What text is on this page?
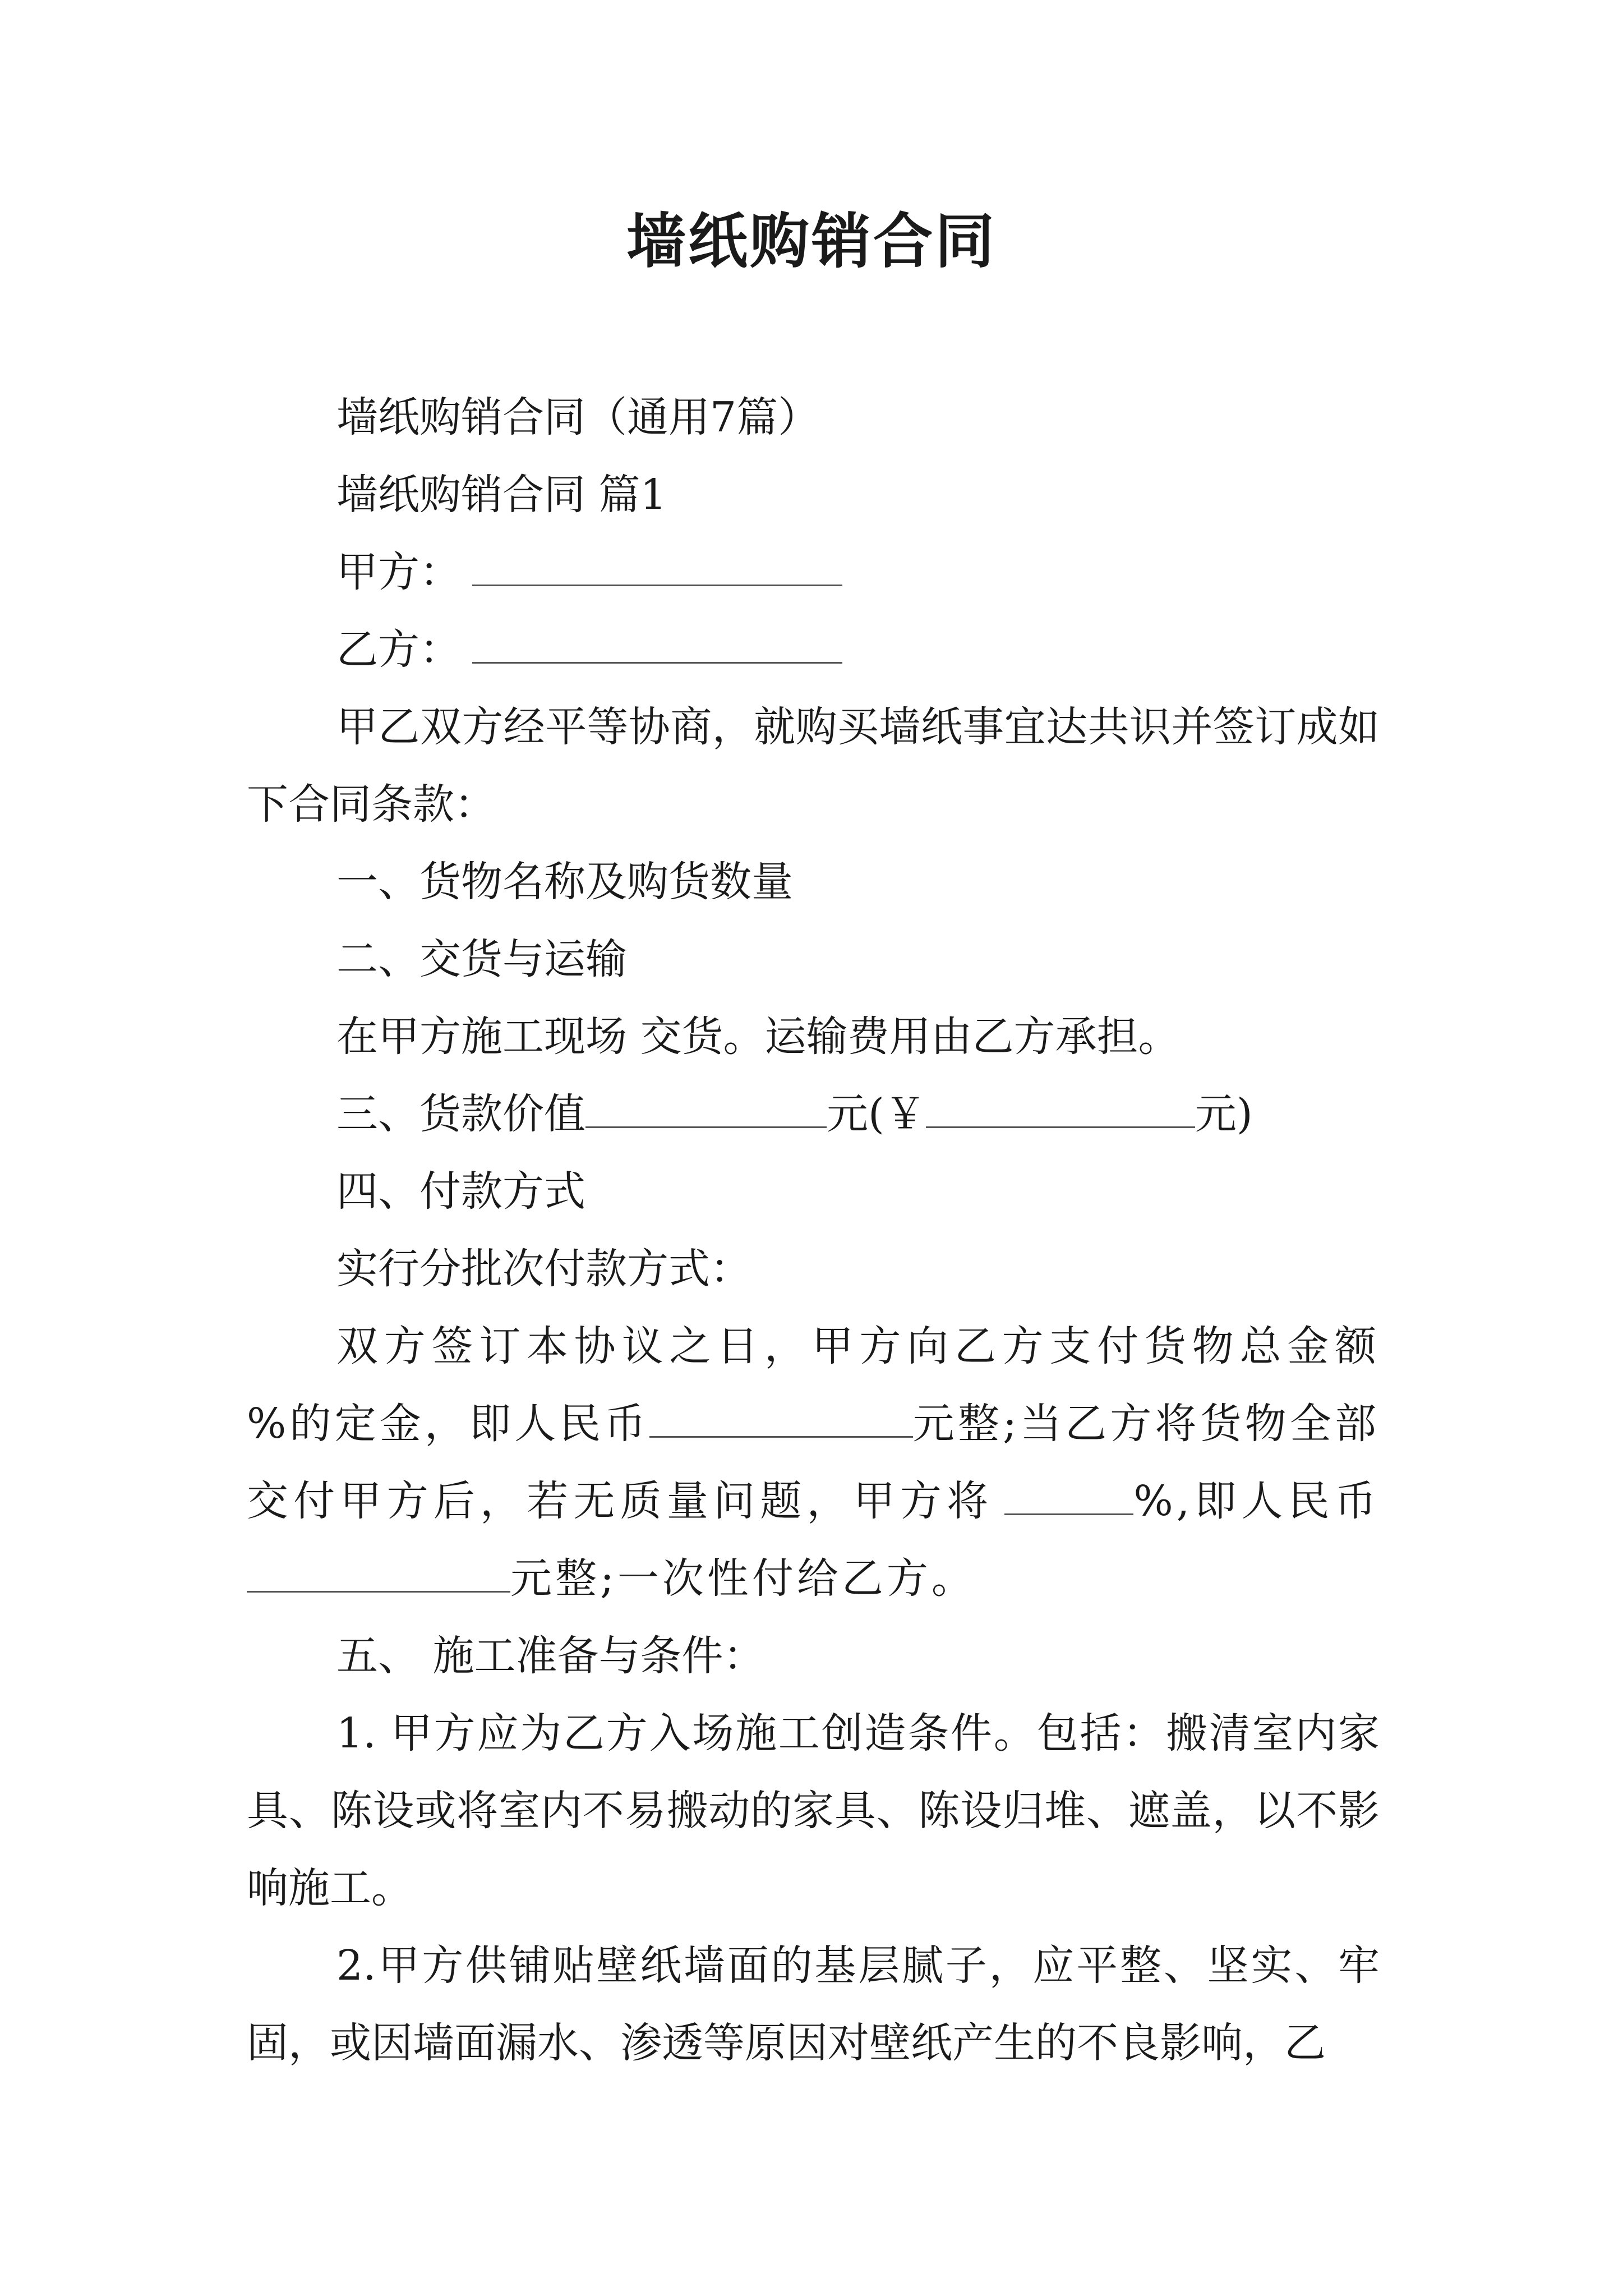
墙纸购销合同

墙纸购销合同（通用7篇）

墙纸购销合同 篇1

甲方：

乙方：

甲乙双方经平等协商，就购买墙纸事宜达共识并签订成如下合同条款：

一、货物名称及购货数量

二、交货与运输

在甲方施工现场 交货。运输费用由乙方承担。

三、货款价值	元(￥	元)

四、付款方式

实行分批次付款方式：

双方签订本协议之日，甲方向乙方支付货物总金额 %的定金，即人民币	元整;当乙方将货物全部交付甲方后，若无质量问题，甲方将	%,即人民币元整;一次性付给乙方。

五、 施工准备与条件：

1. 甲方应为乙方入场施工创造条件。包括：搬清室内家具、陈设或将室内不易搬动的家具、陈设归堆、遮盖，以不影响施工。

2.甲方供铺贴壁纸墙面的基层腻子，应平整、坚实、牢固，或因墙面漏水、渗透等原因对壁纸产生的不良影响，乙
